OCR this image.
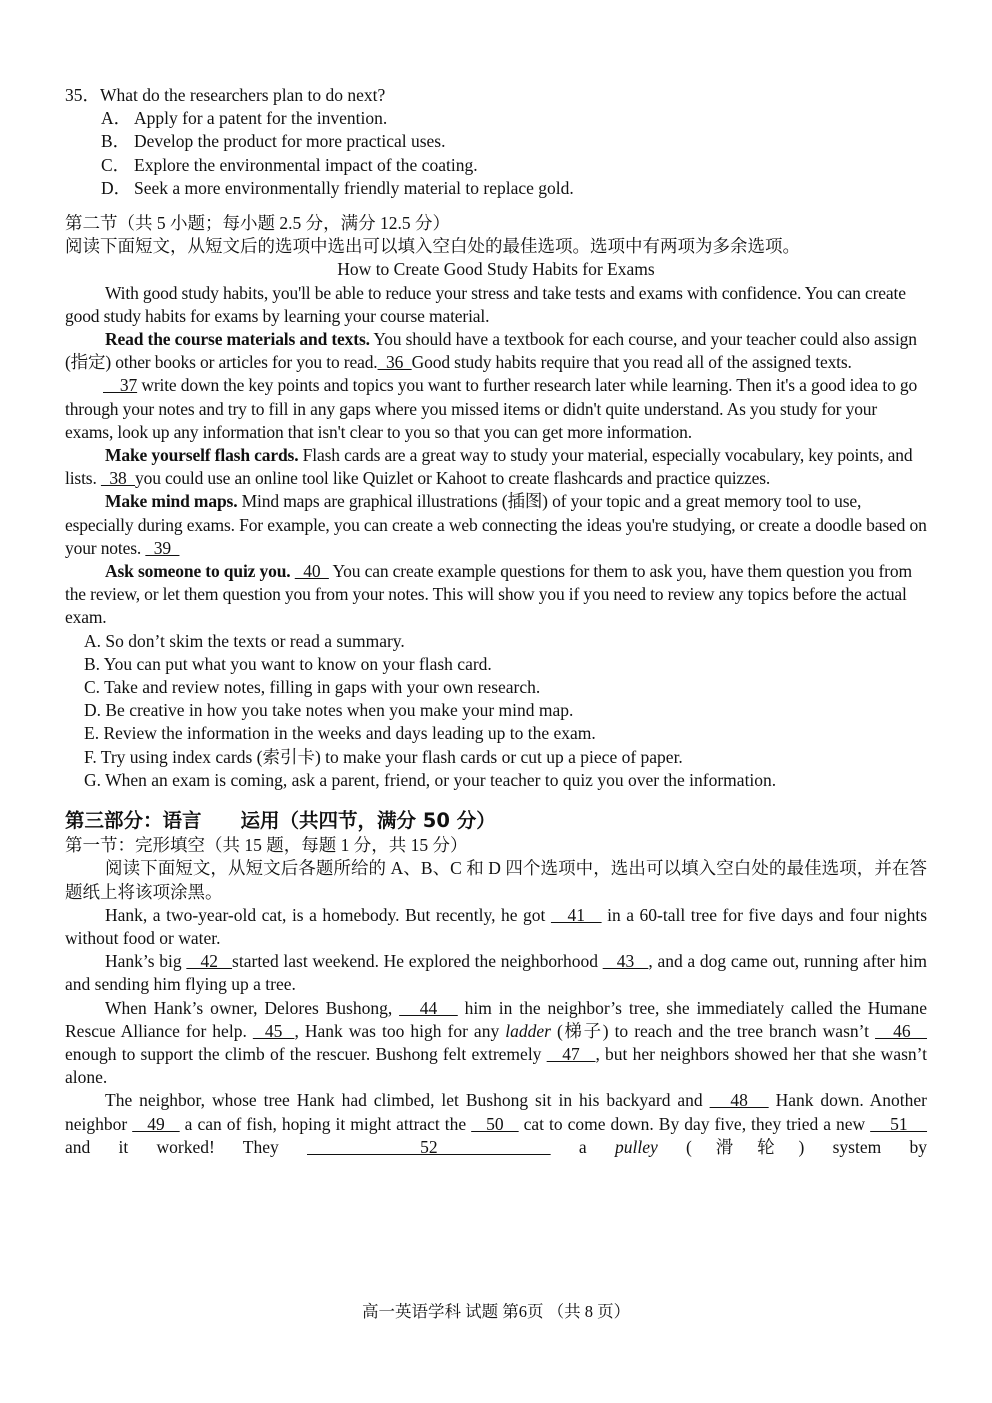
35．What do the researchers plan to do next?

A． Apply for a patent for the invention.
B． Develop the product for more practical uses.
C． Explore the environmental impact of the coating.
D． Seek a more environmentally friendly material to replace gold.
第二节（共 5 小题；每小题 2.5 分，满分 12.5 分）
阅读下面短文，从短文后的选项中选出可以填入空白处的最佳选项。选项中有两项为多余选项。
How to Create Good Study Habits for Exams

With good study habits, you'll be able to reduce your stress and take tests and exams with confidence. You can create good study habits for exams by learning your course material.

Read the course materials and texts. You should have a textbook for each course, and your teacher could also assign (指定) other books or articles for you to read.  36  Good study habits require that you read all of the assigned texts.

37 write down the key points and topics you want to further research later while learning. Then it's a good idea to go through your notes and try to fill in any gaps where you missed items or didn't quite understand. As you study for your exams, look up any information that isn't clear to you so that you can get more information.

Make yourself flash cards. Flash cards are a great way to study your material, especially vocabulary, key points, and lists.   38  you could use an online tool like Quizlet or Kahoot to create flashcards and practice quizzes.

Make mind maps. Mind maps are graphical illustrations (插图) of your topic and a great memory tool to use, especially during exams. For example, you can create a web connecting the ideas you're studying, or create a doodle based on your notes.   39

Ask someone to quiz you.   40   You can create example questions for them to ask you, have them question you from the review, or let them question you from your notes. This will show you if you need to review any topics before the actual exam.

A. So don’t skim the texts or read a summary.
B. You can put what you want to know on your flash card.
C. Take and review notes, filling in gaps with your own research.
D. Be creative in how you take notes when you make your mind map.
E. Review the information in the weeks and days leading up to the exam.
F. Try using index cards (索引卡) to make your flash cards or cut up a piece of paper.
G. When an exam is coming, ask a parent, friend, or your teacher to quiz you over the information.
第三部分：语言　　运用（共四节，满分 50 分）
第一节：完形填空（共 15 题，每题 1 分，共 15 分）

阅读下面短文，从短文后各题所给的 A、B、C 和 D 四个选项中，选出可以填入空白处的最佳选项，并在答题纸上将该项涂黑。

Hank, a two-year-old cat, is a homebody. But recently, he got    41    in a 60-tall tree for five days and four nights without food or water.

Hank’s big    42   started last weekend. He explored the neighborhood    43   , and a dog came out, running after him and sending him flying up a tree.

When Hank’s owner, Delores Bushong,    44    him in the neighbor’s tree, she immediately called the Humane Rescue Alliance for help.   45  , Hank was too high for any ladder (梯子) to reach and the tree branch wasn’t    46    enough to support the climb of the rescuer. Bushong felt extremely    47   , but her neighbors showed her that she wasn’t alone.

The neighbor, whose tree Hank had climbed, let Bushong sit in his backyard and    48    Hank down. Another neighbor    49    a can of fish, hoping it might attract the    50    cat to come down. By day five, they tried a new     51     and it worked! They     52     a pulley (滑轮) system by

高一英语学科 试题 第6页 （共 8 页）
